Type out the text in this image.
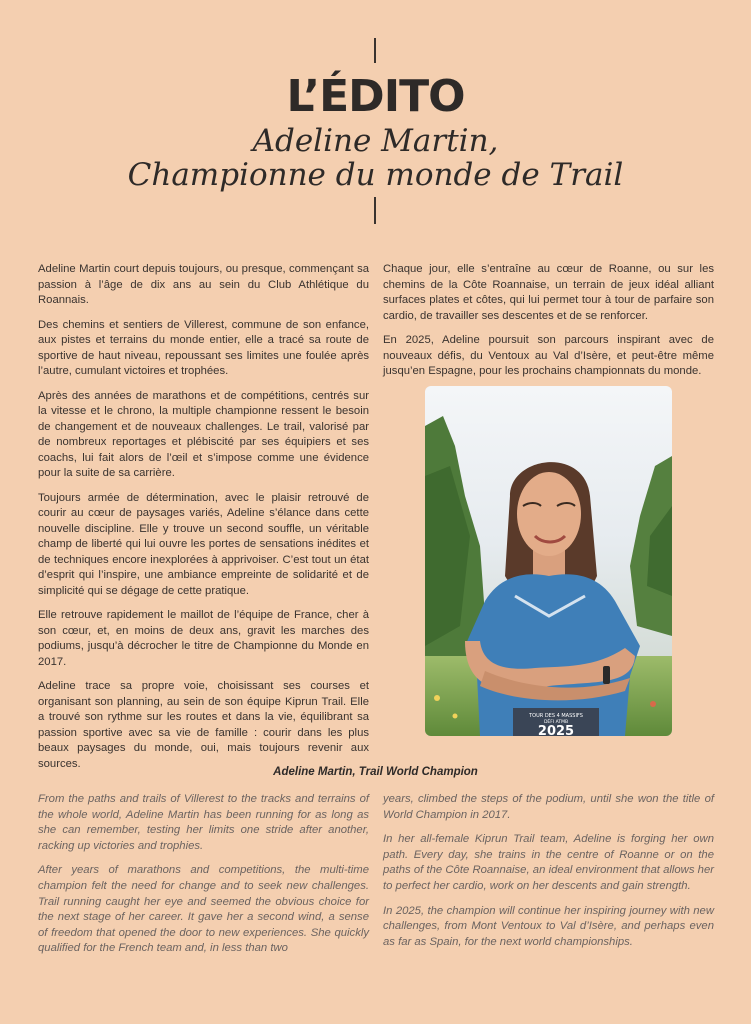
L’ÉDITO
Adeline Martin,
Championne du monde de Trail

Adeline Martin court depuis toujours, ou presque, commençant sa passion à l’âge de dix ans au sein du Club Athlétique du Roannais.

Des chemins et sentiers de Villerest, commune de son enfance, aux pistes et terrains du monde entier, elle a tracé sa route de sportive de haut niveau, repoussant ses limites une foulée après l’autre, cumulant victoires et trophées.

Après des années de marathons et de compétitions, centrés sur la vitesse et le chrono, la multiple championne ressent le besoin de changement et de nouveaux challenges. Le trail, valorisé par de nombreux reportages et plébiscité par ses équipiers et ses coachs, lui fait alors de l’œil et s’impose comme une évidence pour la suite de sa carrière.

Toujours armée de détermination, avec le plaisir retrouvé de courir au cœur de paysages variés, Adeline s’élance dans cette nouvelle discipline. Elle y trouve un second souffle, un véritable champ de liberté qui lui ouvre les portes de sensations inédites et de techniques encore inexplorées à apprivoiser. C’est tout un état d’esprit qui l’inspire, une ambiance empreinte de solidarité et de simplicité qui se dégage de cette pratique.

Elle retrouve rapidement le maillot de l’équipe de France, cher à son cœur, et, en moins de deux ans, gravit les marches des podiums, jusqu’à décrocher le titre de Championne du Monde en 2017.

Adeline trace sa propre voie, choisissant ses courses et organisant son planning, au sein de son équipe Kiprun Trail. Elle a trouvé son rythme sur les routes et dans la vie, équilibrant sa passion sportive avec sa vie de famille : courir dans les plus beaux paysages du monde, oui, mais toujours revenir aux sources.

Chaque jour, elle s’entraîne au cœur de Roanne, ou sur les chemins de la Côte Roannaise, un terrain de jeux idéal alliant surfaces plates et côtes, qui lui permet tour à tour de parfaire son cardio, de travailler ses descentes et de se renforcer.

En 2025, Adeline poursuit son parcours inspirant avec de nouveaux défis, du Ventoux au Val d’Isère, et peut-être même jusqu’en Espagne, pour les prochains championnats du monde.

TOUR DES 4 MASSIFS
DÉFI ATMB
2025
Adeline Martin, Trail World Champion

From the paths and trails of Villerest to the tracks and terrains of the whole world, Adeline Martin has been running for as long as she can remember, testing her limits one stride after another, racking up victories and trophies.

After years of marathons and competitions, the multi-time champion felt the need for change and to seek new challenges. Trail running caught her eye and seemed the obvious choice for the next stage of her career. It gave her a second wind, a sense of freedom that opened the door to new experiences. She quickly qualified for the French team and, in less than two

years, climbed the steps of the podium, until she won the title of World Champion in 2017.

In her all-female Kiprun Trail team, Adeline is forging her own path. Every day, she trains in the centre of Roanne or on the paths of the Côte Roannaise, an ideal environment that allows her to perfect her cardio, work on her descents and gain strength.

In 2025, the champion will continue her inspiring journey with new challenges, from Mont Ventoux to Val d’Isère, and perhaps even as far as Spain, for the next world championships.
